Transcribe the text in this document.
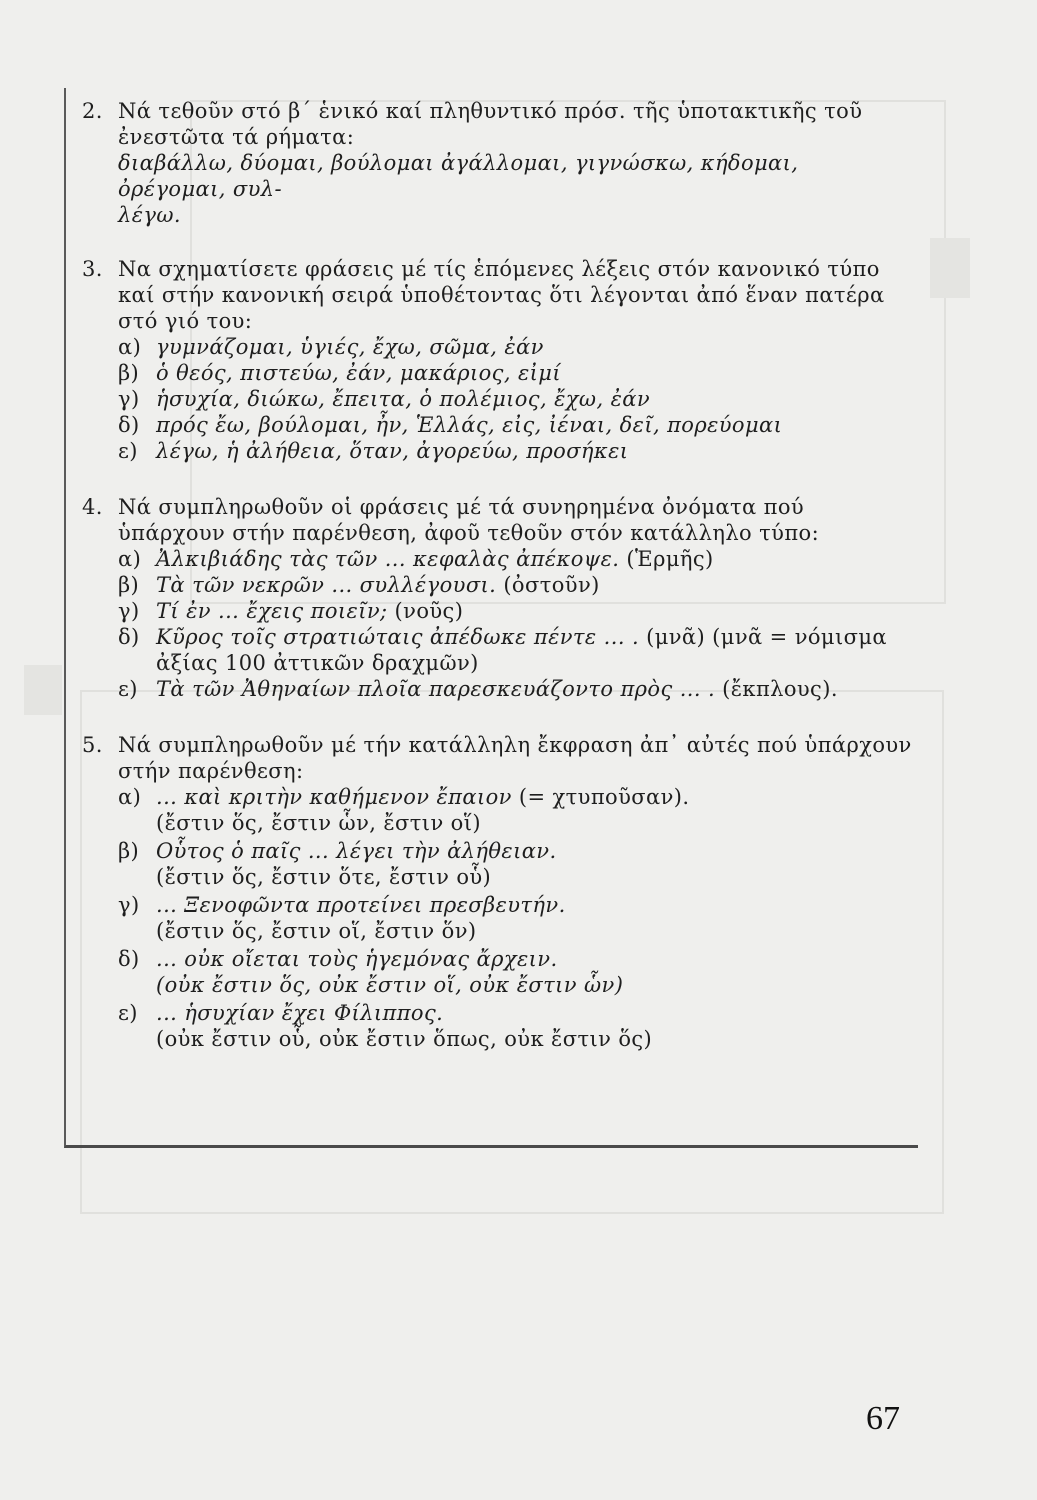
2. Νά τεθοῦν στό β΄ ἑνικό καί πληθυντικό πρόσ. τῆς ὑποτακτικῆς τοῦ ἐνεστῶτα τά ρήματα:
διαβάλλω, δύομαι, βούλομαι ἀγάλλομαι, γιγνώσκω, κήδομαι, ὀρέγομαι, συλ-
λέγω.
3. Να σχηματίσετε φράσεις μέ τίς ἑπόμενες λέξεις στόν κανονικό τύπο καί στήν κανονική σειρά ὑποθέτοντας ὅτι λέγονται ἀπό ἕναν πατέρα στό γιό του:
α) γυμνάζομαι, ὑγιές, ἔχω, σῶμα, ἐάν
β) ὁ θεός, πιστεύω, ἐάν, μακάριος, εἰμί
γ) ἡσυχία, διώκω, ἔπειτα, ὁ πολέμιος, ἔχω, ἐάν
δ) πρός ἔω, βούλομαι, ἦν, Ἑλλάς, εἰς, ἰέναι, δεῖ, πορεύομαι
ε) λέγω, ἡ ἀλήθεια, ὅταν, ἀγορεύω, προσήκει
4. Νά συμπληρωθοῦν οἱ φράσεις μέ τά συνηρημένα ὀνόματα πού ὑπάρχουν στήν παρένθεση, ἀφοῦ τεθοῦν στόν κατάλληλο τύπο:
α) Ἀλκιβιάδης τὰς τῶν ... κεφαλὰς ἀπέκοψε. (Ἑρμῆς)
β) Τὰ τῶν νεκρῶν ... συλλέγουσι. (ὀστοῦν)
γ) Τί ἐν ... ἔχεις ποιεῖν; (νοῦς)
δ) Κῦρος τοῖς στρατιώταις ἀπέδωκε πέντε ... . (μνᾶ) (μνᾶ = νόμισμα ἀξίας 100 ἀττικῶν δραχμῶν)
ε) Τὰ τῶν Ἀθηναίων πλοῖα παρεσκευάζοντο πρὸς ... . (ἔκπλους).
5. Νά συμπληρωθοῦν μέ τήν κατάλληλη ἔκφραση ἀπ᾽ αὐτές πού ὑπάρχουν στήν παρένθεση:
α) ... καὶ κριτὴν καθήμενον ἔπαιον (= χτυποῦσαν).
(ἔστιν ὅς, ἔστιν ὧν, ἔστιν οἵ)
β) Οὗτος ὁ παῖς ... λέγει τὴν ἀλήθειαν.
(ἔστιν ὅς, ἔστιν ὅτε, ἔστιν οὗ)
γ) ... Ξενοφῶντα προτείνει πρεσβευτήν.
(ἔστιν ὅς, ἔστιν οἵ, ἔστιν ὅν)
δ) ... οὐκ οἴεται τοὺς ἡγεμόνας ἄρχειν.
(οὐκ ἔστιν ὅς, οὐκ ἔστιν οἵ, οὐκ ἔστιν ὧν)
ε) ... ἡσυχίαν ἔχει Φίλιππος.
(οὐκ ἔστιν οὗ, οὐκ ἔστιν ὅπως, οὐκ ἔστιν ὅς)
67
